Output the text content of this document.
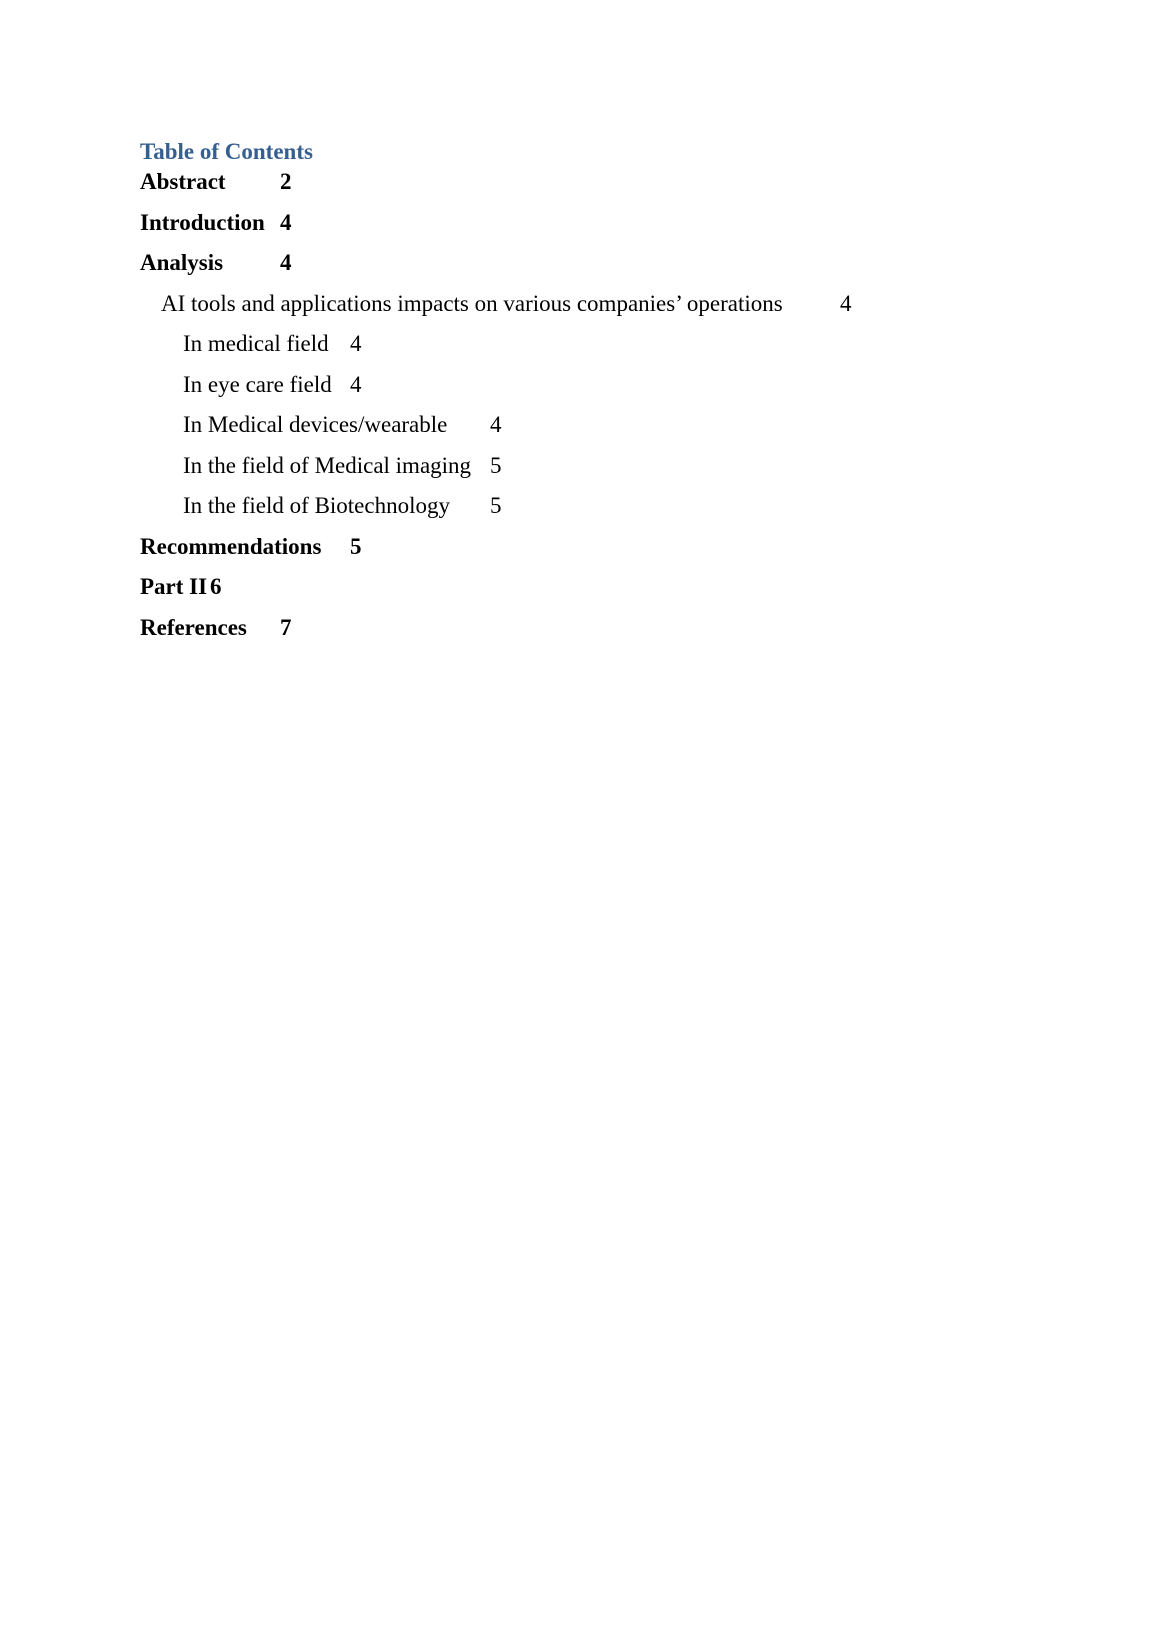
Table of Contents
Abstract 2
Introduction 4
Analysis 4
AI tools and applications impacts on various companies’ operations 4
In medical field 4
In eye care field 4
In Medical devices/wearable 4
In the field of Medical imaging 5
In the field of Biotechnology 5
Recommendations 5
Part II 6
References 7
